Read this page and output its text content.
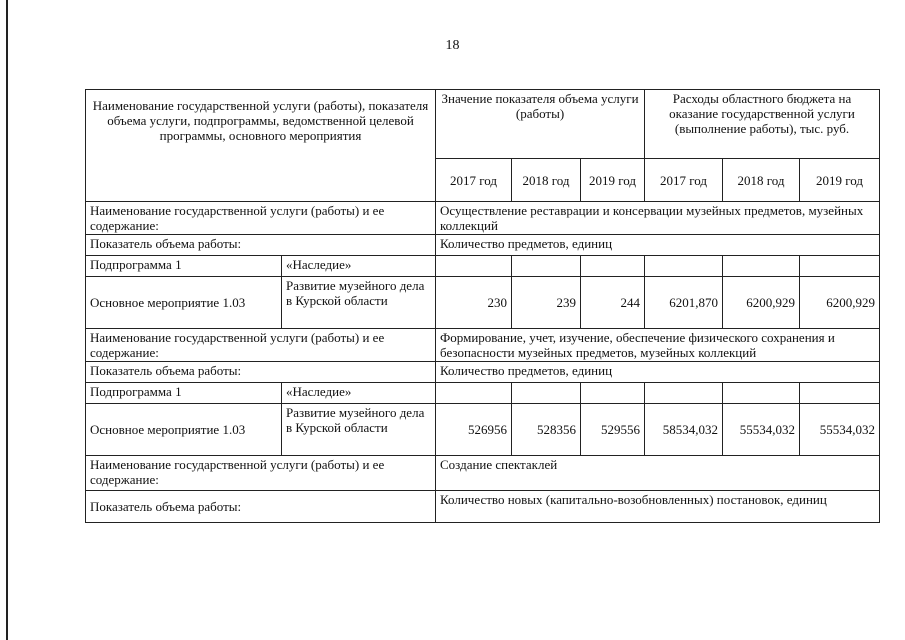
18
Наименование государственной услуги (работы), показателя объема услуги, подпрограммы, ведомственной целевой программы, основного мероприятия		Значение показателя объема услуги (работы)			Расходы областного бюджета на оказание государственной услуги (выполнение работы), тыс. руб.		
		2017 год	2018 год	2019 год	2017 год	2018 год	2019 год
Наименование государственной услуги (работы) и ее содержание:		Осуществление реставрации и консервации музейных предметов, музейных коллекций					
Показатель объема работы:		Количество предметов, единиц					
Подпрограмма 1	«Наследие»						
Основное мероприятие 1.03	Развитие музейного дела в Курской области	230	239	244	6201,870	6200,929	6200,929
Наименование государственной услуги (работы) и ее содержание:		Формирование, учет, изучение, обеспечение физического сохранения и безопасности музейных предметов, музейных коллекций					
Показатель объема работы:		Количество предметов, единиц					
Подпрограмма 1	«Наследие»						
Основное мероприятие 1.03	Развитие музейного дела в Курской области	526956	528356	529556	58534,032	55534,032	55534,032
Наименование государственной услуги (работы) и ее содержание:		Создание спектаклей					
Показатель объема работы:		Количество новых (капитально-возобновленных) постановок, единиц					
